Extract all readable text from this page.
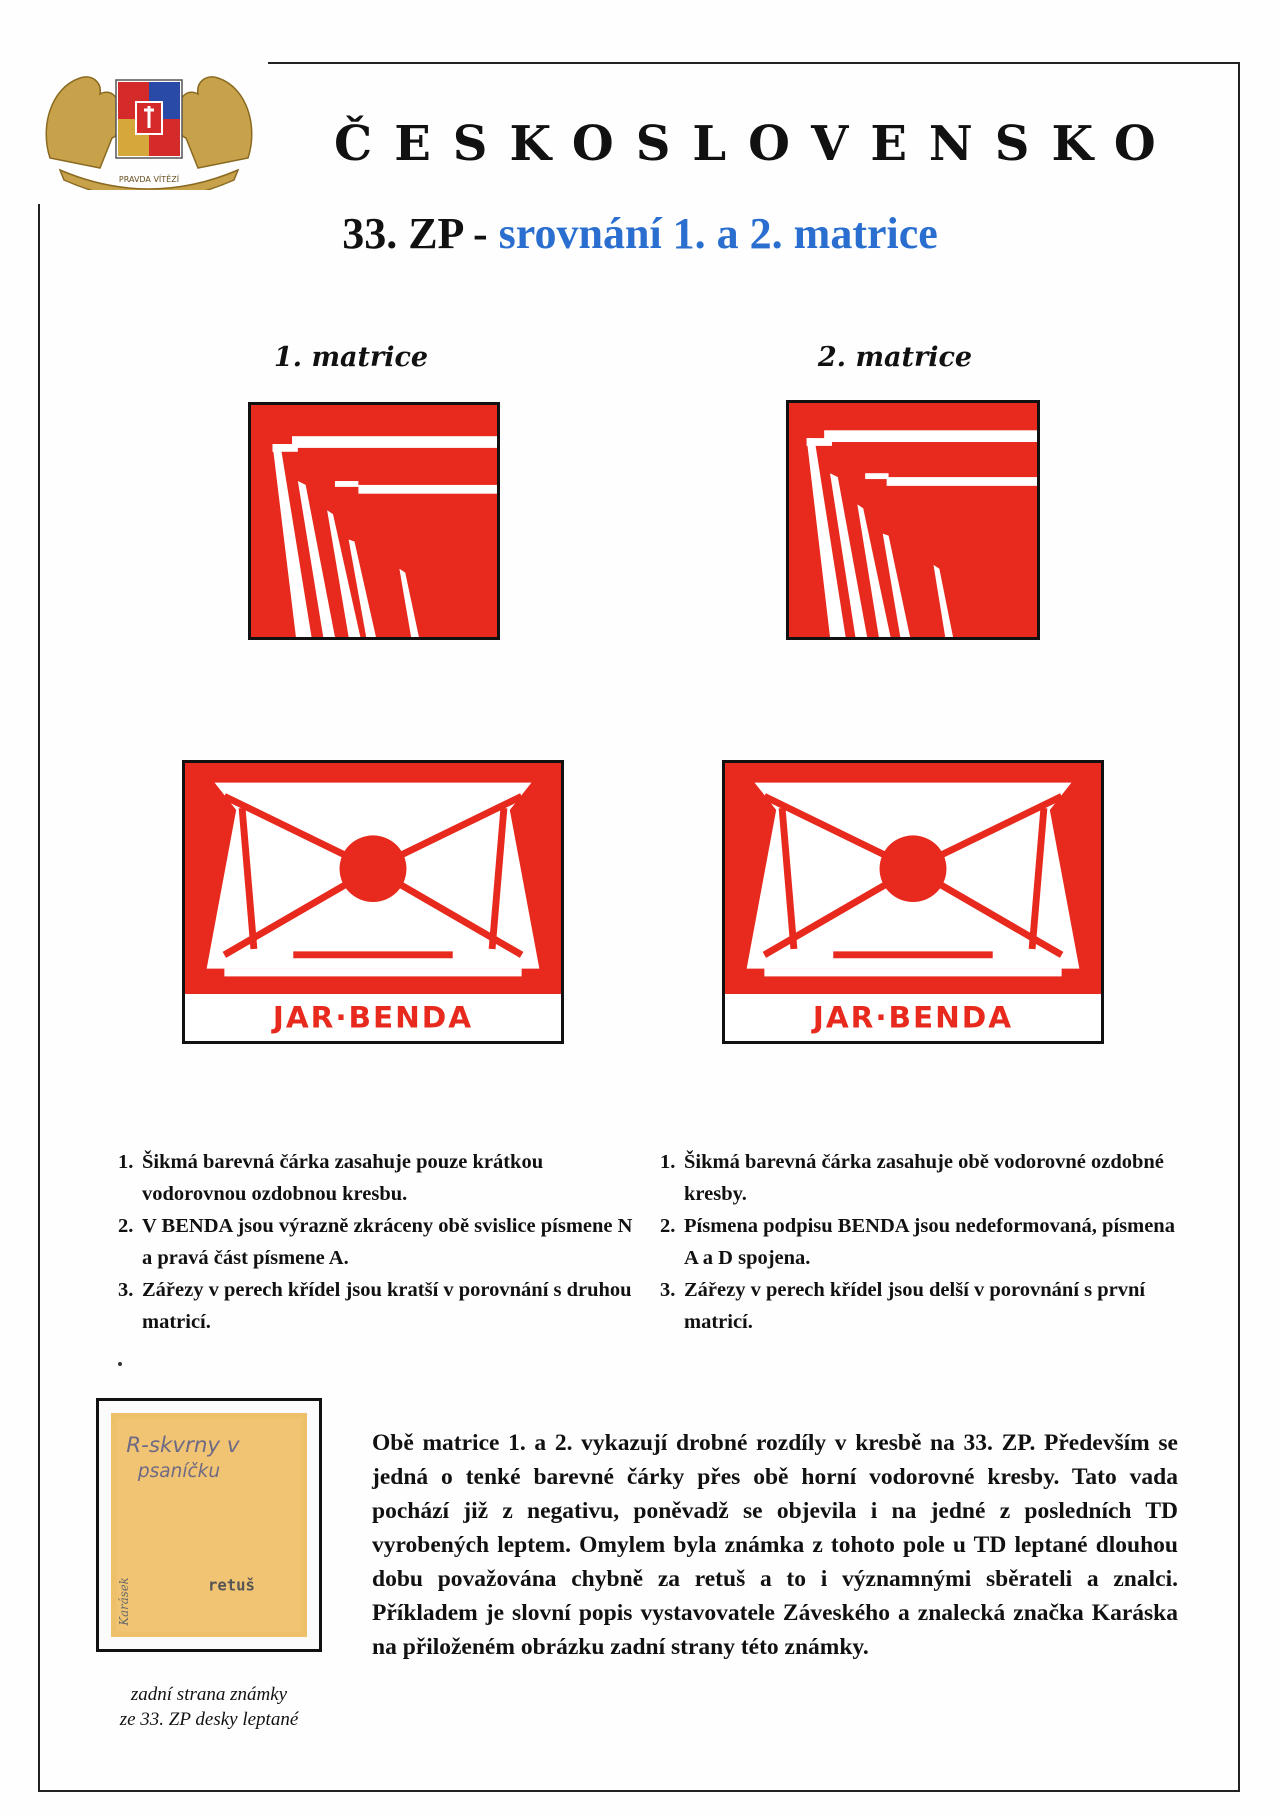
PRAVDA VÍTĚZÍ
ČESKOSLOVENSKO
33. ZP - srovnání 1. a 2. matrice
1. matrice	2. matrice
JAR·BENDA	JAR·BENDA
1. Šikmá barevná čárka zasahuje pouze krátkou vodorovnou ozdobnou kresbu.
2. V BENDA jsou výrazně zkráceny obě svislice písmene N a pravá část písmene A.
3. Zářezy v perech křídel jsou kratší v porovnání s druhou matricí.
1. Šikmá barevná čárka zasahuje obě vodorovné ozdobné kresby.
2. Písmena podpisu BENDA jsou nedeformovaná, písmena A a D spojena.
3. Zářezy v perech křídel jsou delší v porovnání s první matricí.
R-skvrny v
psaníčku
retuš
Karásek
zadní strana známky
ze 33. ZP desky leptané

Obě matrice 1. a 2. vykazují drobné rozdíly v kresbě na 33. ZP. Především se jedná o tenké barevné čárky přes obě horní vodorovné kresby. Tato vada pochází již z negativu, poněvadž se objevila i na jedné z posledních TD vyrobených leptem. Omylem byla známka z tohoto pole u TD leptané dlouhou dobu považována chybně za retuš a to i významnými sběrateli a znalci. Příkladem je slovní popis vystavovatele Záveského a znalecká značka Karáska na přiloženém obrázku zadní strany této známky.
